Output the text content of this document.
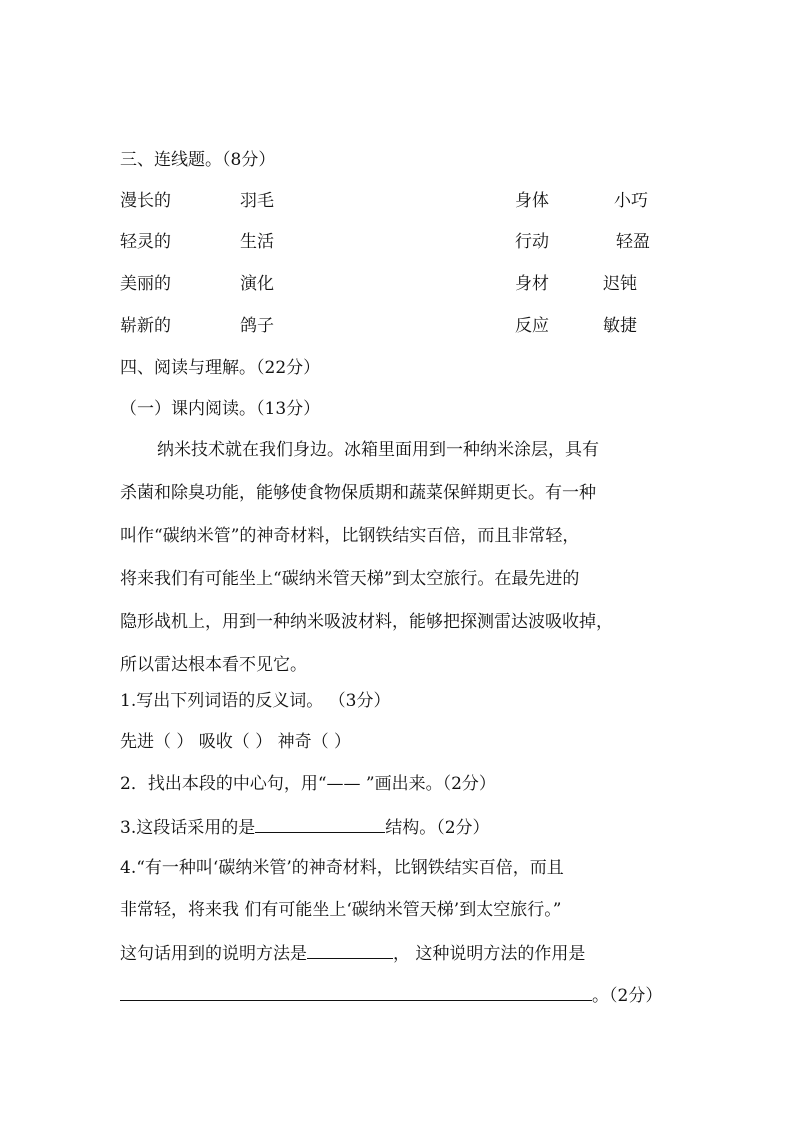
三、连线题。（8分）
漫长的	羽毛	身体	小巧
轻灵的	生活	行动	轻盈
美丽的	演化	身材	迟钝
崭新的	鸽子	反应	敏捷
四、阅读与理解。（22分）
（一）课内阅读。（13分）
纳米技术就在我们身边。冰箱里面用到一种纳米涂层，具有
杀菌和除臭功能，能够使食物保质期和蔬菜保鲜期更长。有一种
叫作“碳纳米管”的神奇材料，比钢铁结实百倍，而且非常轻，
将来我们有可能坐上“碳纳米管天梯”到太空旅行。在最先进的
隐形战机上，用到一种纳米吸波材料，能够把探测雷达波吸收掉，
所以雷达根本看不见它。
1.写出下列词语的反义词。 （3分）
先进（ ） 吸收（ ） 神奇（ ）
2．找出本段的中心句，用“—— ”画出来。（2分）
3.这段话采用的是	结构。（2分）
4.“有一种叫‘碳纳米管’的神奇材料，比钢铁结实百倍，而且
非常轻，将来我 们有可能坐上‘碳纳米管天梯’到太空旅行。”
这句话用到的说明方法是	， 这种说明方法的作用是
。（2分）
